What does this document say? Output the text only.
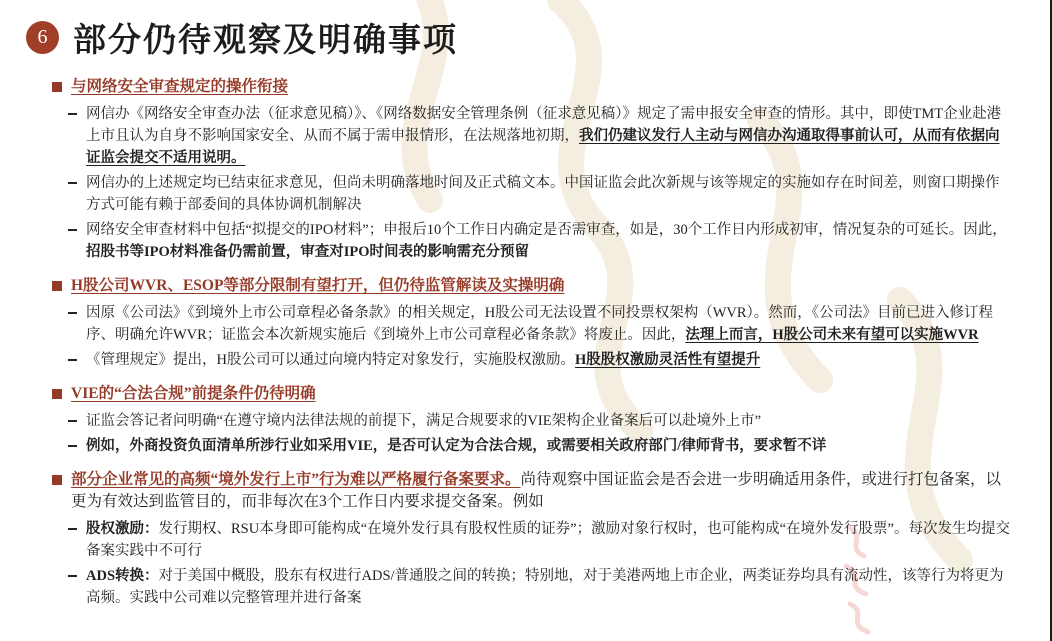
6 部分仍待观察及明确事项
与网络安全审查规定的操作衔接
网信办《网络安全审查办法（征求意见稿）》、《网络数据安全管理条例（征求意见稿）》规定了需申报安全审查的情形。其中，即使TMT企业赴港上市且认为自身不影响国家安全、从而不属于需申报情形，在法规落地初期，我们仍建议发行人主动与网信办沟通取得事前认可，从而有依据向证监会提交不适用说明。
网信办的上述规定均已结束征求意见，但尚未明确落地时间及正式稿文本。中国证监会此次新规与该等规定的实施如存在时间差，则窗口期操作方式可能有赖于部委间的具体协调机制解决
网络安全审查材料中包括“拟提交的IPO材料”；申报后10个工作日内确定是否需审查，如是，30个工作日内形成初审，情况复杂的可延长。因此，招股书等IPO材料准备仍需前置，审查对IPO时间表的影响需充分预留
H股公司WVR、ESOP等部分限制有望打开，但仍待监管解读及实操明确
因原《公司法》《到境外上市公司章程必备条款》的相关规定，H股公司无法设置不同投票权架构（WVR）。然而，《公司法》目前已进入修订程序、明确允许WVR；证监会本次新规实施后《到境外上市公司章程必备条款》将废止。因此，法理上而言，H股公司未来有望可以实施WVR
《管理规定》提出，H股公司可以通过向境内特定对象发行，实施股权激励。H股股权激励灵活性有望提升
VIE的“合法合规”前提条件仍待明确
证监会答记者问明确“在遵守境内法律法规的前提下，满足合规要求的VIE架构企业备案后可以赴境外上市”
例如，外商投资负面清单所涉行业如采用VIE，是否可认定为合法合规，或需要相关政府部门/律师背书，要求暂不详
部分企业常见的高频“境外发行上市”行为难以严格履行备案要求。尚待观察中国证监会是否会进一步明确适用条件，或进行打包备案，以更为有效达到监管目的，而非每次在3个工作日内要求提交备案。例如
股权激励：发行期权、RSU本身即可能构成“在境外发行具有股权性质的证券”；激励对象行权时，也可能构成“在境外发行股票”。每次发生均提交备案实践中不可行
ADS转换：对于美国中概股，股东有权进行ADS/普通股之间的转换；特别地，对于美港两地上市企业，两类证券均具有流动性，该等行为将更为高频。实践中公司难以完整管理并进行备案
